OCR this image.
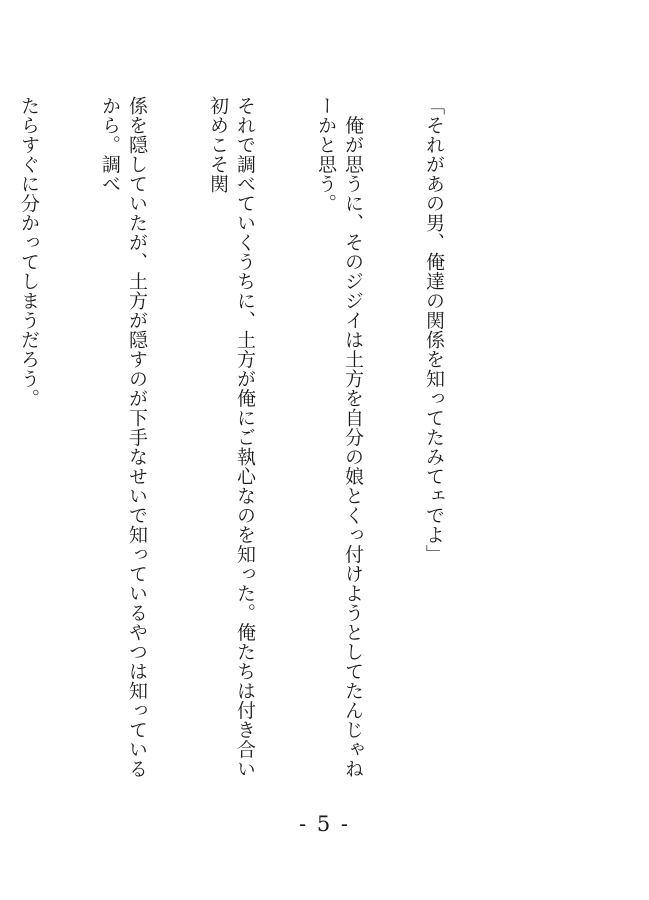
「それがあの男、俺達の関係を知ってたみてェでよ」

　俺が思うに、そのジジイは土方を自分の娘とくっ付けようとしてたんじゃねーかと思う。

それで調べていくうちに、土方が俺にご執心なのを知った。俺たちは付き合い初めこそ関

係を隠していたが、土方が隠すのが下手なせいで知っているやつは知っているから。調べ

たらすぐに分かってしまうだろう。

- 5 -
